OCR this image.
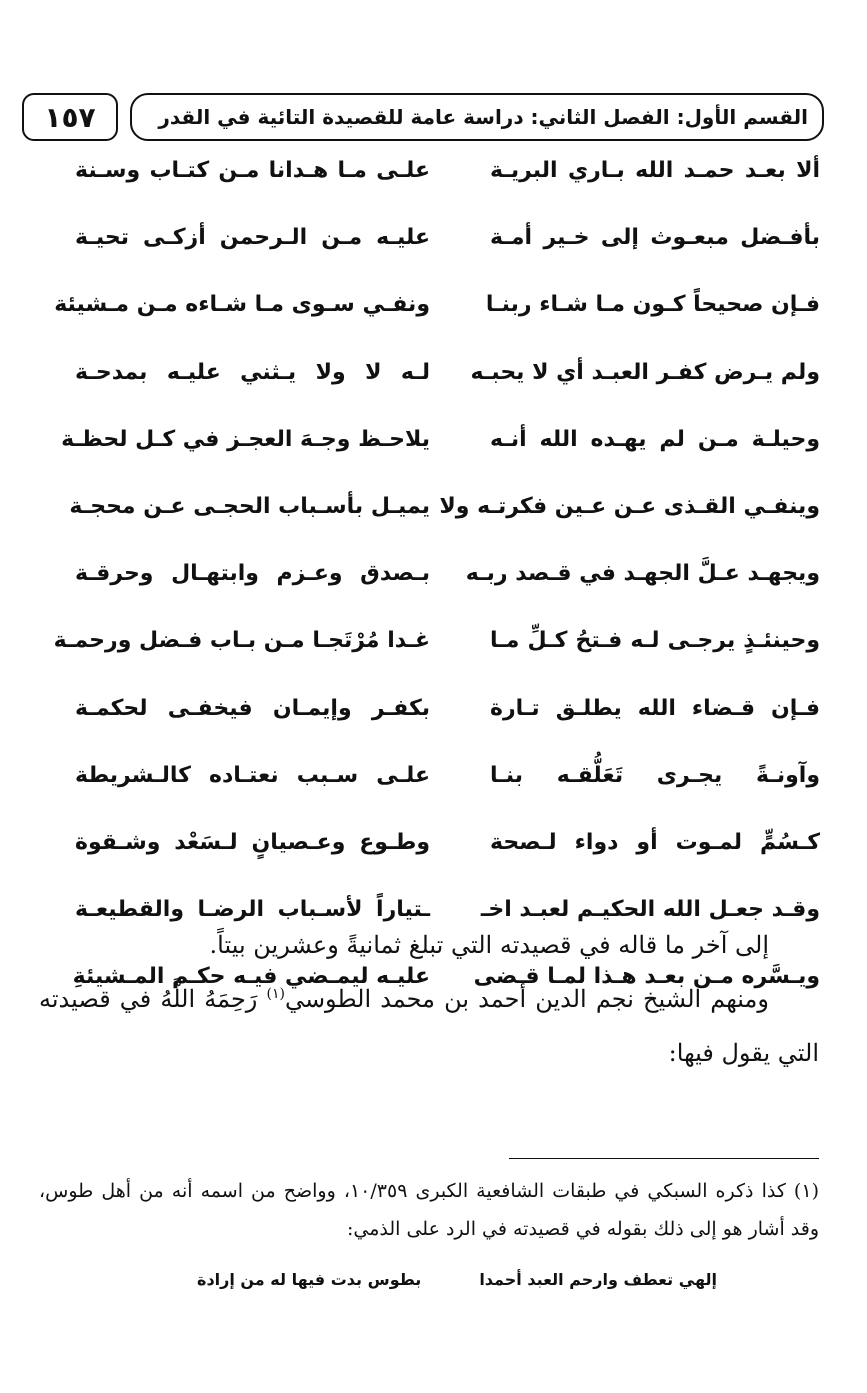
القسم الأول: الفصل الثاني: دراسة عامة للقصيدة التائية في القدر
١٥٧
ألا بعـد حمـد الله بـاري البريـة
علـى مـا هـدانا مـن كتـاب وسـنة
بأفـضل مبعـوث إلى خـير أمـة
عليـه مـن الـرحمن أزكـى تحيـة
فـإن صحيحاً كـون مـا شـاء ربنـا
ونفـي سـوى مـا شـاءه مـن مـشيئة
ولم يـرض كفـر العبـد أي لا يحبـه
لـه لا ولا يـثني عليـه بمدحـة
وحيلـة مـن لم يهـده الله أنـه
يلاحـظ وجـهَ العجـز في كـل لحظـة
وينفـي القـذى عـن عـين فكرتـه ولا
يميـل بأسـباب الحجـى عـن محجـة
ويجهـد عـلَّ الجهـد في قـصد ربـه
بـصدق وعـزم وابتهـال وحرقـة
وحينئـذٍ يرجـى لـه فـتحُ كـلِّ مـا
غـدا مُرْتَجـا مـن بـاب فـضل ورحمـة
فـإن قـضاء الله يطلـق تـارة
بكفـر وإيمـان فيخفـى لحكمـة
وآونـةً يجـرى تَعَلُّقـه بنـا
علـى سـبب نعتـاده كالـشريطة
كـسُمٍّ لمـوت أو دواء لـصحة
وطـوع وعـصيانٍ لـسَعْد وشـقوة
وقـد جعـل الله الحكيـم لعبـد اخـ
ـتياراً لأسـباب الرضـا والقطيعـة
ويـسَّره مـن بعـد هـذا لمـا قـضى
عليـه ليمـضي فيـه حكـم المـشيئةِ

إلى آخر ما قاله في قصيدته التي تبلغ ثمانيةً وعشرين بيتاً.

ومنهم الشيخ نجم الدين أحمد بن محمد الطوسي$^{(١)}$ رَحِمَهُ اللَّهُ في قصيدته التي يقول فيها:

(١) كذا ذكره السبكي في طبقات الشافعية الكبرى ١٠/٣٥٩، وواضح من اسمه أنه من أهل طوس، وقد أشار هو إلى ذلك بقوله في قصيدته في الرد على الذمي:
إلهي تعطف وارحم العبد أحمدا
بطوس بدت فيها له من إرادة
